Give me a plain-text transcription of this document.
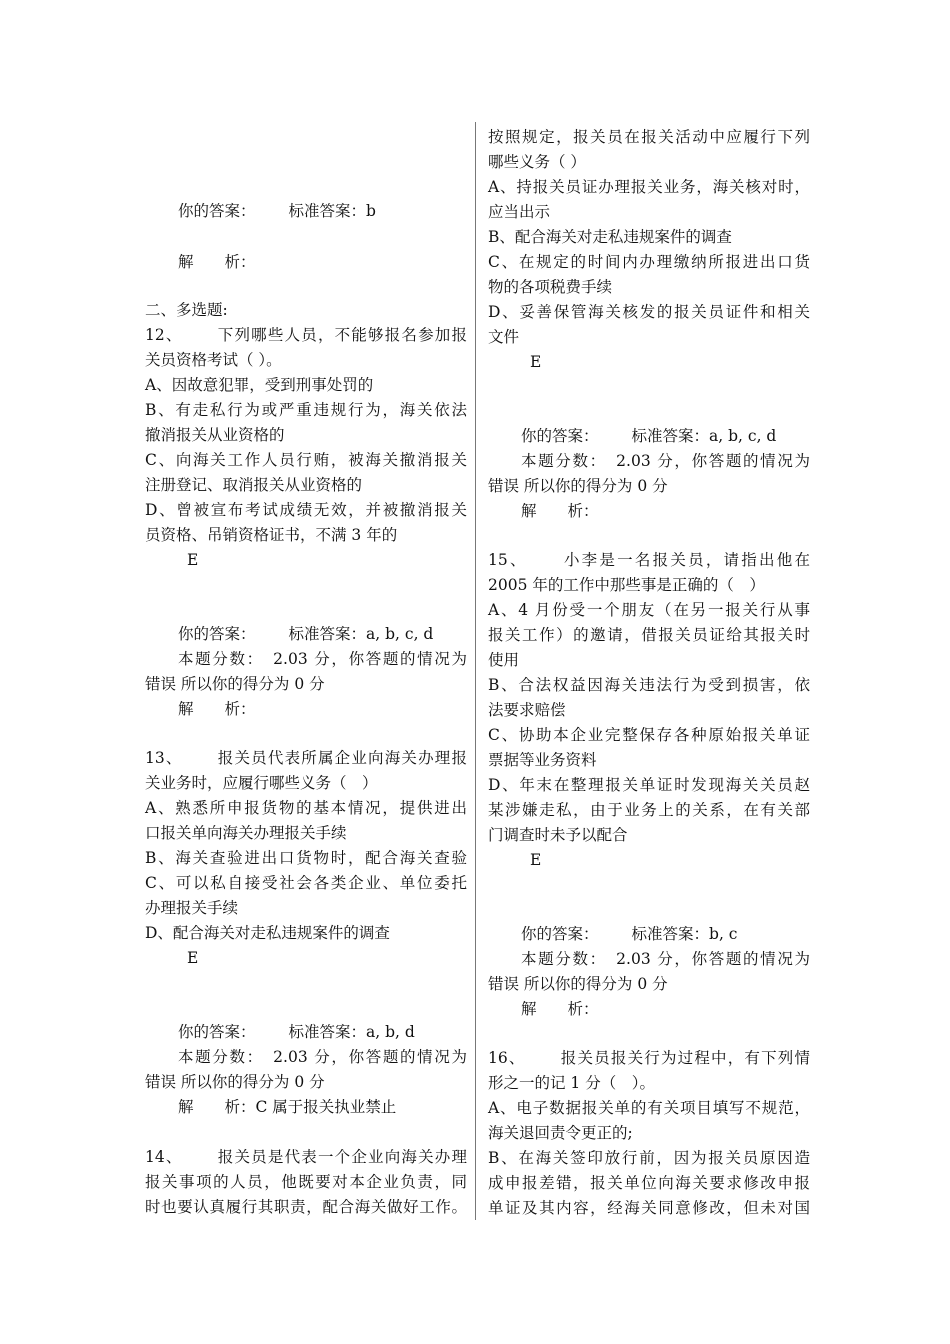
你的答案： 标准答案：b
解　　析：
二、多选题:
12、 下列哪些人员，不能够报名参加报
关员资格考试（ ）。
A、因故意犯罪，受到刑事处罚的
B、有走私行为或严重违规行为，海关依法
撤消报关从业资格的
C、向海关工作人员行贿，被海关撤消报关
注册登记、取消报关从业资格的
D、曾被宣布考试成绩无效，并被撤消报关
员资格、吊销资格证书，不满 3 年的
E
你的答案： 标准答案：a, b, c, d
本题分数：　2.03 分，你答题的情况为
错误 所以你的得分为 0 分
解　　析：
13、 报关员代表所属企业向海关办理报
关业务时，应履行哪些义务（　）
A、熟悉所申报货物的基本情况，提供进出
口报关单向海关办理报关手续
B、海关查验进出口货物时，配合海关查验
C、可以私自接受社会各类企业、单位委托
办理报关手续
D、配合海关对走私违规案件的调查
E
你的答案： 标准答案：a, b, d
本题分数：　2.03 分，你答题的情况为
错误 所以你的得分为 0 分
解　　析：C 属于报关执业禁止
14、 报关员是代表一个企业向海关办理
报关事项的人员，他既要对本企业负责，同
时也要认真履行其职责，配合海关做好工作。
按照规定，报关员在报关活动中应履行下列
哪些义务（ ）
A、持报关员证办理报关业务，海关核对时，
应当出示
B、配合海关对走私违规案件的调查
C、在规定的时间内办理缴纳所报进出口货
物的各项税费手续
D、妥善保管海关核发的报关员证件和相关
文件
E
你的答案： 标准答案：a, b, c, d
本题分数：　2.03 分，你答题的情况为
错误 所以你的得分为 0 分
解　　析：
15、 小李是一名报关员，请指出他在
2005 年的工作中那些事是正确的（　）
A、4 月份受一个朋友（在另一报关行从事
报关工作）的邀请，借报关员证给其报关时
使用
B、合法权益因海关违法行为受到损害，依
法要求赔偿
C、协助本企业完整保存各种原始报关单证
票据等业务资料
D、年末在整理报关单证时发现海关关员赵
某涉嫌走私，由于业务上的关系，在有关部
门调查时未予以配合
E
你的答案： 标准答案：b, c
本题分数：　2.03 分，你答题的情况为
错误 所以你的得分为 0 分
解　　析：
16、 报关员报关行为过程中，有下列情
形之一的记 1 分（　）。
A、电子数据报关单的有关项目填写不规范，
海关退回责令更正的;
B、在海关签印放行前，因为报关员原因造
成申报差错，报关单位向海关要求修改申报
单证及其内容，经海关同意修改，但未对国
